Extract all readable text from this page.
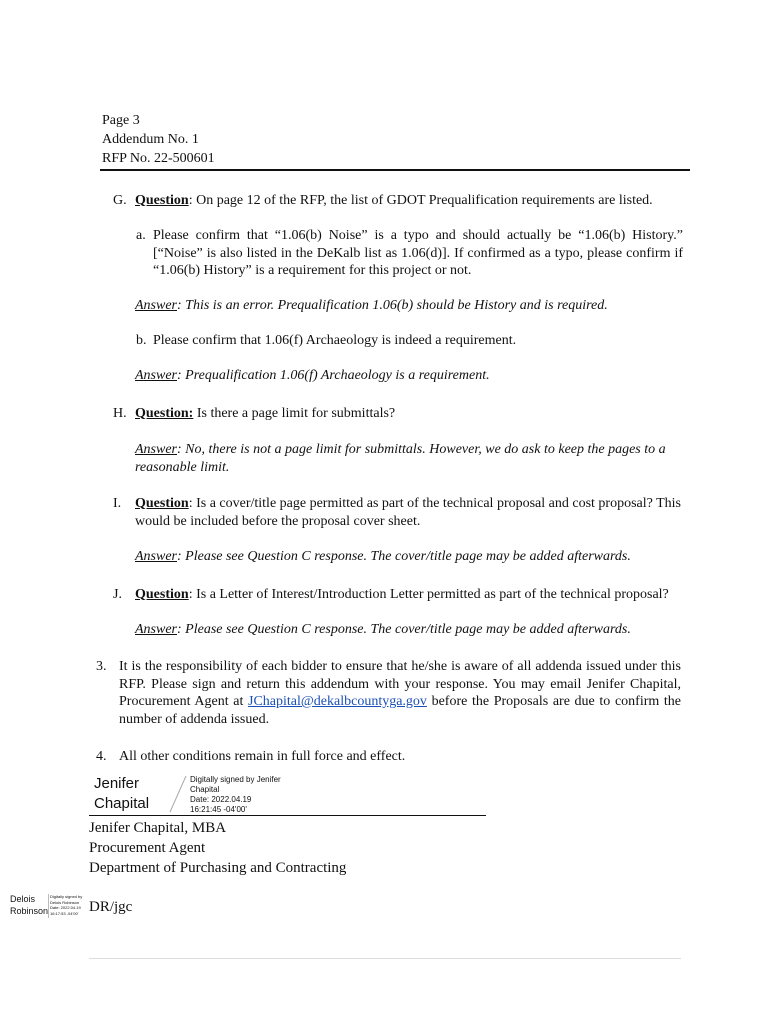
Page 3
Addendum No. 1
RFP No. 22-500601
G. Question: On page 12 of the RFP, the list of GDOT Prequalification requirements are listed.
a. Please confirm that “1.06(b) Noise” is a typo and should actually be “1.06(b) History.” [“Noise” is also listed in the DeKalb list as 1.06(d)]. If confirmed as a typo, please confirm if “1.06(b) History” is a requirement for this project or not.
Answer: This is an error. Prequalification 1.06(b) should be History and is required.
b. Please confirm that 1.06(f) Archaeology is indeed a requirement.
Answer: Prequalification 1.06(f) Archaeology is a requirement.
H. Question: Is there a page limit for submittals?
Answer: No, there is not a page limit for submittals. However, we do ask to keep the pages to a reasonable limit.
I. Question: Is a cover/title page permitted as part of the technical proposal and cost proposal? This would be included before the proposal cover sheet.
Answer: Please see Question C response. The cover/title page may be added afterwards.
J. Question: Is a Letter of Interest/Introduction Letter permitted as part of the technical proposal?
Answer: Please see Question C response. The cover/title page may be added afterwards.
3. It is the responsibility of each bidder to ensure that he/she is aware of all addenda issued under this RFP. Please sign and return this addendum with your response. You may email Jenifer Chapital, Procurement Agent at JChapital@dekalbcountyga.gov before the Proposals are due to confirm the number of addenda issued.
4. All other conditions remain in full force and effect.
Jenifer
Chapital
Digitally signed by Jenifer
Chapital
Date: 2022.04.19
16:21:45 -04'00'
Jenifer Chapital, MBA
Procurement Agent
Department of Purchasing and Contracting
Delois
Robinson
Digitally signed by
Delois Robinson
Date: 2022.04.19
16:17:53 -04'00' DR/jgc
